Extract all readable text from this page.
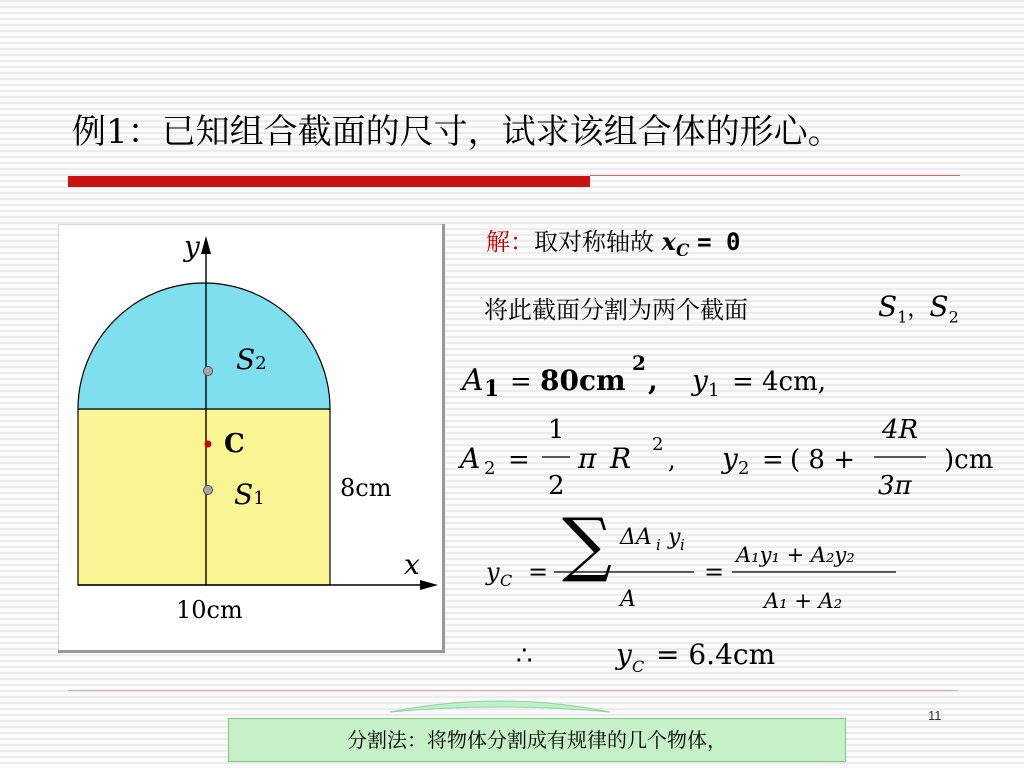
例1：已知组合截面的尺寸，试求该组合体的形心。
y
x
S2
C
S1	8cm
10cm
解：取对称轴故 $x_C = 0$
将此截面分割为两个截面	$S_1$，$S_2$
A 1 = 80cm
2
, y 1 = 4cm,
A 2 =
1
2
π R 2
, y 2 = ( 8 +
4R
3π
)cm
y C = ∑ ΔA i y i
A
=
A₁y₁ + A₂y₂
A₁ + A₂
∴	y C = 6.4cm
11
分割法：将物体分割成有规律的几个物体，
